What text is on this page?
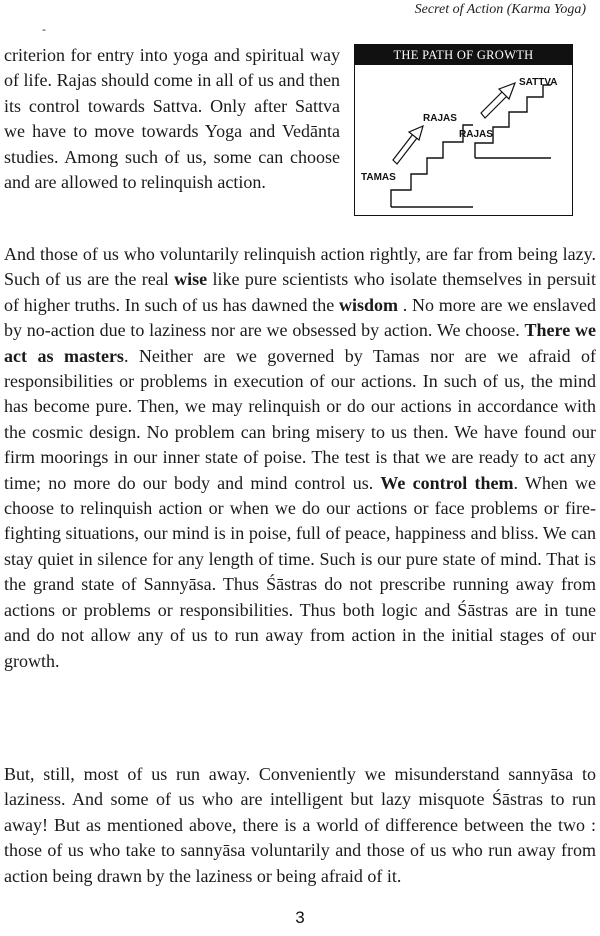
Secret of Action (Karma Yoga)
-

criterion for entry into yoga and spiritual way of life. Rajas should come in all of us and then its control towards Sattva. Only after Sattva we have to move towards Yoga and Vedānta studies. Among such of us, some can choose and are allowed to relinquish action.

THE PATH OF GROWTH
SATTVA
RAJAS
RAJAS
TAMAS

And those of us who voluntarily relinquish action rightly, are far from being lazy. Such of us are the real wise like pure scientists who isolate themselves in persuit of higher truths. In such of us has dawned the wisdom . No more are we enslaved by no-action due to laziness nor are we obsessed by action. We choose. There we act as masters. Neither are we governed by Tamas nor are we afraid of responsibilities or problems in execution of our actions. In such of us, the mind has become pure. Then, we may relinquish or do our actions in accordance with the cosmic design. No problem can bring misery to us then. We have found our firm moorings in our inner state of poise. The test is that we are ready to act any time; no more do our body and mind control us. We control them. When we choose to relinquish action or when we do our actions or face problems or fire-fighting situations, our mind is in poise, full of peace, happiness and bliss. We can stay quiet in silence for any length of time. Such is our pure state of mind. That is the grand state of Sannyāsa. Thus Śāstras do not prescribe running away from actions or problems or responsibilities. Thus both logic and Śāstras are in tune and do not allow any of us to run away from action in the initial stages of our growth.

But, still, most of us run away. Conveniently we misunderstand sannyāsa to laziness. And some of us who are intelligent but lazy misquote Śāstras to run away! But as mentioned above, there is a world of difference between the two : those of us who take to sannyāsa voluntarily and those of us who run away from action being drawn by the laziness or being afraid of it.

3
